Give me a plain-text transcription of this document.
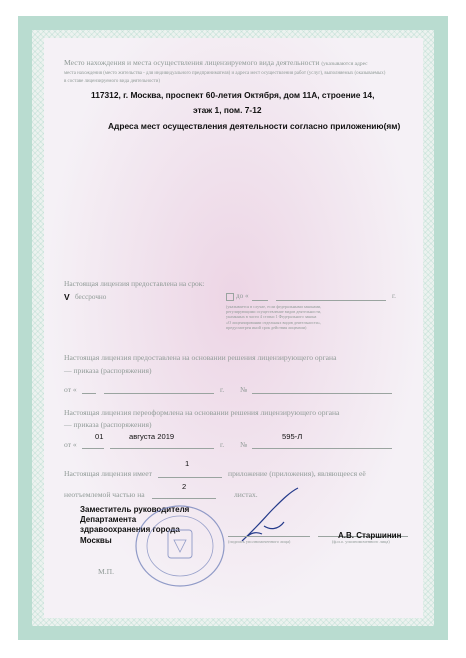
Место нахождения и места осуществления лицензируемого вида деятельности (указываются адрес
места нахождения (место жительства - для индивидуального предпринимателя) и адреса мест осуществления работ (услуг), выполняемых (оказываемых)
в составе лицензируемого вида деятельности)
117312, г. Москва, проспект 60-летия Октября, дом 11А, строение 14,
этаж 1, пом. 7-12
Адреса мест осуществления деятельности согласно приложению(ям)
Настоящая лицензия предоставлена на срок:
V бессрочно	до «	г.
(указывается в случае, если федеральными законами,
регулирующими осуществление видов деятельности,
указанных в части 4 статьи 1 Федерального закона
«О лицензировании отдельных видов деятельности»,
предусмотрен иной срок действия лицензии)
Настоящая лицензия предоставлена на основании решения лицензирующего органа
— приказа (распоряжения)
от «	г. №
Настоящая лицензия переоформлена на основании решения лицензирующего органа
— приказа (распоряжения)
01	августа 2019	595-Л
от «	г. №
1
Настоящая лицензия имеет	приложение (приложения), являющееся её
2
неотъемлемой частью на	листах.
Заместитель руководителя
Департамента
здравоохранения города
Москвы
А.В. Старшинин
(подпись уполномоченного лица)	(ф.и.о. уполномоченного лица)
М.П.
